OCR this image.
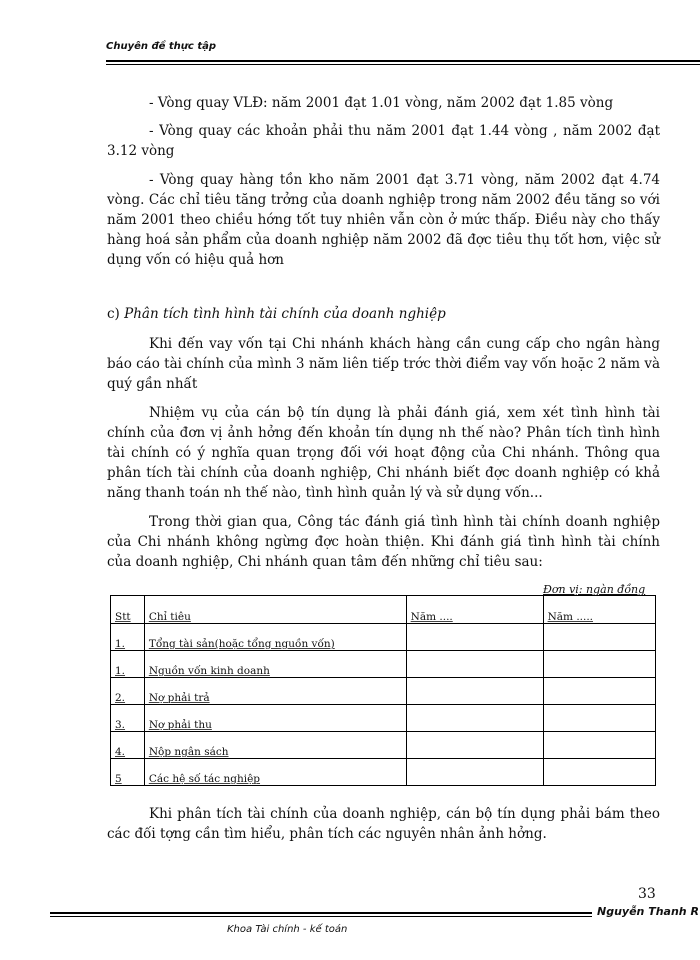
Chuyên đề thực tập
- Vòng quay VLĐ: năm 2001 đạt 1.01 vòng, năm 2002 đạt 1.85 vòng
- Vòng quay các khoản phải thu năm 2001 đạt 1.44 vòng , năm 2002 đạt 3.12 vòng
- Vòng quay hàng tồn kho năm 2001 đạt 3.71 vòng, năm 2002 đạt 4.74 vòng. Các chỉ tiêu tăng trởng của doanh nghiệp trong năm 2002 đều tăng so với năm 2001 theo chiều hớng tốt tuy nhiên vẫn còn ở mức thấp. Điều này cho thấy hàng hoá sản phẩm của doanh nghiệp năm 2002 đã đợc tiêu thụ tốt hơn, việc sử dụng vốn có hiệu quả hơn
c) Phân tích tình hình tài chính của doanh nghiệp
Khi đến vay vốn tại Chi nhánh khách hàng cần cung cấp cho ngân hàng báo cáo tài chính của mình 3 năm liên tiếp trớc thời điểm vay vốn hoặc 2 năm và quý gần nhất
Nhiệm vụ của cán bộ tín dụng là phải đánh giá, xem xét tình hình tài chính của đơn vị ảnh hởng đến khoản tín dụng nh thế nào? Phân tích tình hình tài chính có ý nghĩa quan trọng đối với hoạt động của Chi nhánh. Thông qua phân tích tài chính của doanh nghiệp, Chi nhánh biết đợc doanh nghiệp có khả năng thanh toán nh thế nào, tình hình quản lý và sử dụng vốn...
Trong thời gian qua, Công tác đánh giá tình hình tài chính doanh nghiệp của Chi nhánh không ngừng đợc hoàn thiện. Khi đánh giá tình hình tài chính của doanh nghiệp, Chi nhánh quan tâm đến những chỉ tiêu sau:
Đơn vị: ngàn đồng
Stt	Chỉ tiêu	Năm ....	Năm .....
1.	Tổng tài sản(hoặc tổng nguồn vốn)		
1.	Nguồn vốn kinh doanh		
2.	Nợ phải trả		
3.	Nợ phải thu		
4.	Nộp ngân sách		
5	Các hệ số tác nghiệp		
Khi phân tích tài chính của doanh nghiệp, cán bộ tín dụng phải bám theo các đối tợng cần tìm hiểu, phân tích các nguyên nhân ảnh hởng.
33
Nguyễn Thanh R
Khoa Tài chính - kế toán
